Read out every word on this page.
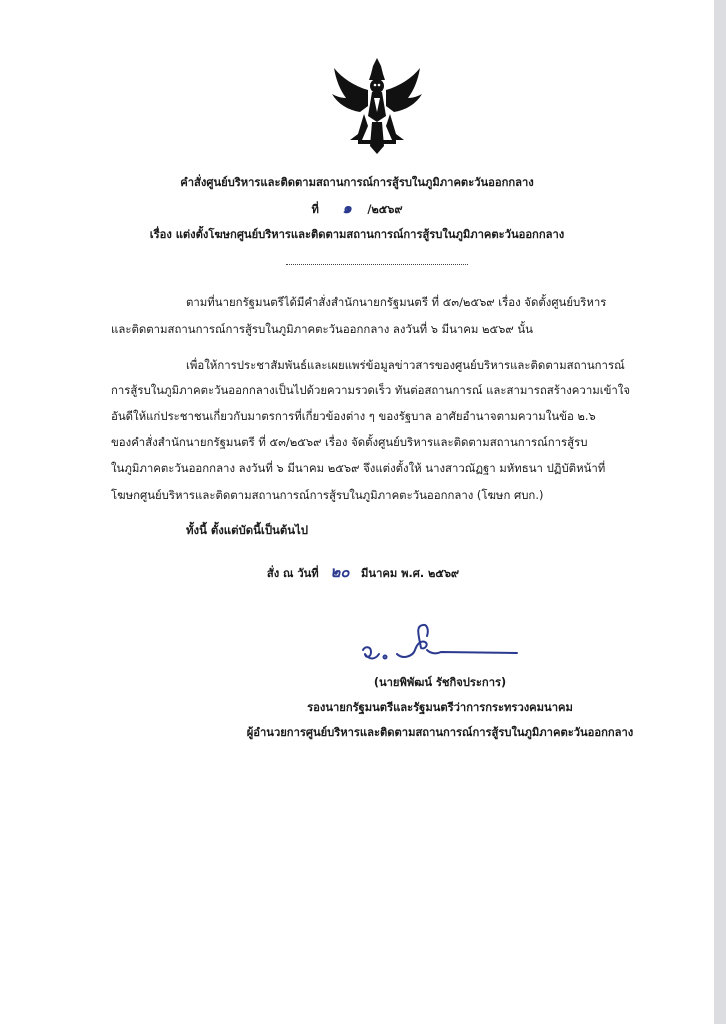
คำสั่งศูนย์บริหารและติดตามสถานการณ์การสู้รบในภูมิภาคตะวันออกกลาง
ที่ ๑ /๒๕๖๙
เรื่อง แต่งตั้งโฆษกศูนย์บริหารและติดตามสถานการณ์การสู้รบในภูมิภาคตะวันออกกลาง
ตามที่นายกรัฐมนตรีได้มีคำสั่งสำนักนายกรัฐมนตรี ที่ ๕๓/๒๕๖๙ เรื่อง จัดตั้งศูนย์บริหาร
และติดตามสถานการณ์การสู้รบในภูมิภาคตะวันออกกลาง ลงวันที่ ๖ มีนาคม ๒๕๖๙ นั้น
เพื่อให้การประชาสัมพันธ์และเผยแพร่ข้อมูลข่าวสารของศูนย์บริหารและติดตามสถานการณ์
การสู้รบในภูมิภาคตะวันออกกลางเป็นไปด้วยความรวดเร็ว ทันต่อสถานการณ์ และสามารถสร้างความเข้าใจ
อันดีให้แก่ประชาชนเกี่ยวกับมาตรการที่เกี่ยวข้องต่าง ๆ ของรัฐบาล อาศัยอำนาจตามความในข้อ ๒.๖
ของคำสั่งสำนักนายกรัฐมนตรี ที่ ๕๓/๒๕๖๙ เรื่อง จัดตั้งศูนย์บริหารและติดตามสถานการณ์การสู้รบ
ในภูมิภาคตะวันออกกลาง ลงวันที่ ๖ มีนาคม ๒๕๖๙ จึงแต่งตั้งให้ นางสาวณัฏฐา มหัทธนา ปฏิบัติหน้าที่
โฆษกศูนย์บริหารและติดตามสถานการณ์การสู้รบในภูมิภาคตะวันออกกลาง (โฆษก ศบก.)
ทั้งนี้ ตั้งแต่บัดนี้เป็นต้นไป
สั่ง ณ วันที่ ๒๐ มีนาคม พ.ศ. ๒๕๖๙
(นายพิพัฒน์ รัชกิจประการ)
รองนายกรัฐมนตรีและรัฐมนตรีว่าการกระทรวงคมนาคม
ผู้อำนวยการศูนย์บริหารและติดตามสถานการณ์การสู้รบในภูมิภาคตะวันออกกลาง
